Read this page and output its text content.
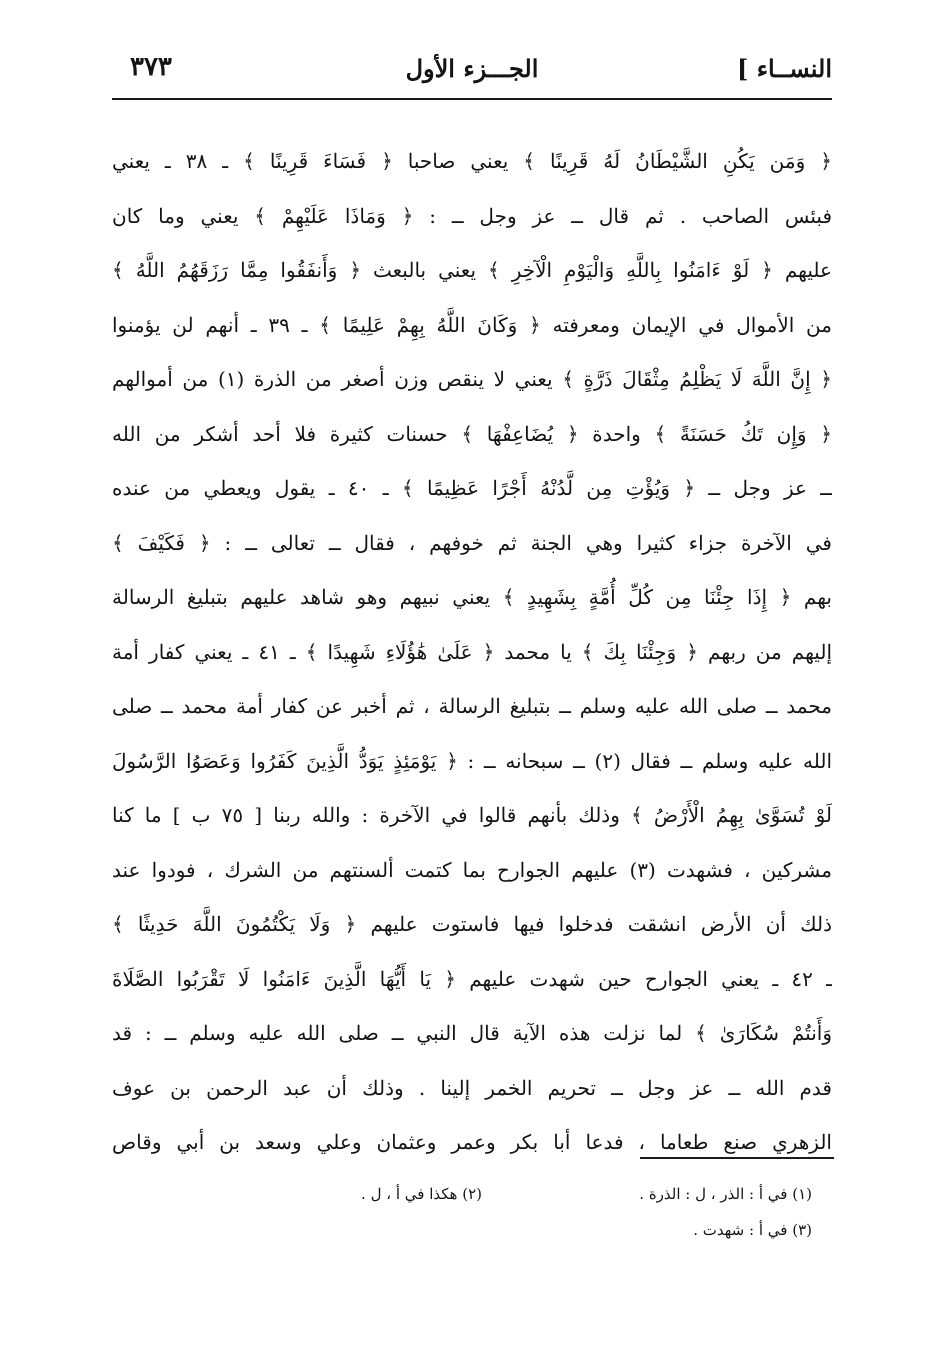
النســاء ]
الجـــزء الأول
٣٧٣
﴿ وَمَن يَكُنِ الشَّيْطَانُ لَهُ قَرِينًا ﴾ يعني صاحبا ﴿ فَسَاءَ قَرِينًا ﴾ ـ ٣٨ ـ يعني
فبئس الصاحب . ثم قال ــ عز وجل ــ : ﴿ وَمَاذَا عَلَيْهِمْ ﴾ يعني وما كان
عليهم ﴿ لَوْ ءَامَنُوا بِاللَّهِ وَالْيَوْمِ الْآخِرِ ﴾ يعني بالبعث ﴿ وَأَنفَقُوا مِمَّا رَزَقَهُمُ اللَّهُ ﴾
من الأموال في الإيمان ومعرفته ﴿ وَكَانَ اللَّهُ بِهِمْ عَلِيمًا ﴾ ـ ٣٩ ـ أنهم لن يؤمنوا
﴿ إِنَّ اللَّهَ لَا يَظْلِمُ مِثْقَالَ ذَرَّةٍ ﴾ يعني لا ينقص وزن أصغر من الذرة (١) من أموالهم
﴿ وَإِن تَكُ حَسَنَةً ﴾ واحدة ﴿ يُضَاعِفْهَا ﴾ حسنات كثيرة فلا أحد أشكر من الله
ــ عز وجل ــ ﴿ وَيُؤْتِ مِن لَّدُنْهُ أَجْرًا عَظِيمًا ﴾ ـ ٤٠ ـ يقول ويعطي من عنده
في الآخرة جزاء كثيرا وهي الجنة ثم خوفهم ، فقال ــ تعالى ــ : ﴿ فَكَيْفَ ﴾
بهم ﴿ إِذَا جِئْنَا مِن كُلِّ أُمَّةٍ بِشَهِيدٍ ﴾ يعني نبيهم وهو شاهد عليهم بتبليغ الرسالة
إليهم من ربهم ﴿ وَجِئْنَا بِكَ ﴾ يا محمد ﴿ عَلَىٰ هَٰؤُلَاءِ شَهِيدًا ﴾ ـ ٤١ ـ يعني كفار أمة
محمد ــ صلى الله عليه وسلم ــ بتبليغ الرسالة ، ثم أخبر عن كفار أمة محمد ــ صلى
الله عليه وسلم ــ فقال (٢) ــ سبحانه ــ : ﴿ يَوْمَئِذٍ يَوَدُّ الَّذِينَ كَفَرُوا وَعَصَوُا الرَّسُولَ
لَوْ تُسَوَّىٰ بِهِمُ الْأَرْضُ ﴾ وذلك بأنهم قالوا في الآخرة : والله ربنا [ ٧٥ ب ] ما كنا
مشركين ، فشهدت (٣) عليهم الجوارح بما كتمت ألسنتهم من الشرك ، فودوا عند
ذلك أن الأرض انشقت فدخلوا فيها فاستوت عليهم ﴿ وَلَا يَكْتُمُونَ اللَّهَ حَدِيثًا ﴾
ـ ٤٢ ـ يعني الجوارح حين شهدت عليهم ﴿ يَا أَيُّهَا الَّذِينَ ءَامَنُوا لَا تَقْرَبُوا الصَّلَاةَ
وَأَنتُمْ سُكَارَىٰ ﴾ لما نزلت هذه الآية قال النبي ــ صلى الله عليه وسلم ــ : قد
قدم الله ــ عز وجل ــ تحريم الخمر إلينا . وذلك أن عبد الرحمن بن عوف
الزهري صنع طعاما ، فدعا أبا بكر وعمر وعثمان وعلي وسعد بن أبي وقاص
(١) في أ : الذر ، ل : الذرة .
(٢) هكذا في أ ، ل .
(٣) في أ : شهدت .
